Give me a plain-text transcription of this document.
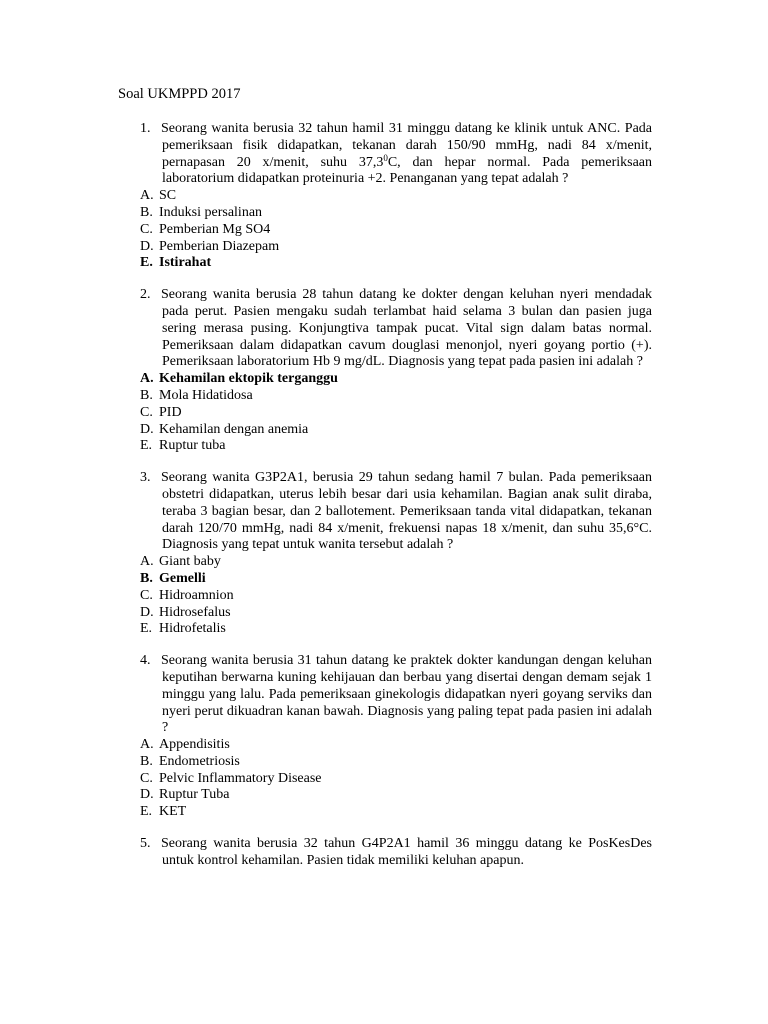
Soal UKMPPD 2017
1. Seorang wanita berusia 32 tahun hamil 31 minggu datang ke klinik untuk ANC. Pada pemeriksaan fisik didapatkan, tekanan darah 150/90 mmHg, nadi 84 x/menit, pernapasan 20 x/menit, suhu 37,3$^0$C, dan hepar normal. Pada pemeriksaan laboratorium didapatkan proteinuria +2. Penanganan yang tepat adalah ?
A. SC
B. Induksi persalinan
C. Pemberian Mg SO4
D. Pemberian Diazepam
E. Istirahat
2. Seorang wanita berusia 28 tahun datang ke dokter dengan keluhan nyeri mendadak pada perut. Pasien mengaku sudah terlambat haid selama 3 bulan dan pasien juga sering merasa pusing. Konjungtiva tampak pucat. Vital sign dalam batas normal. Pemeriksaan dalam didapatkan cavum douglasi menonjol, nyeri goyang portio (+). Pemeriksaan laboratorium Hb 9 mg/dL. Diagnosis yang tepat pada pasien ini adalah ?
A. Kehamilan ektopik terganggu
B. Mola Hidatidosa
C. PID
D. Kehamilan dengan anemia
E. Ruptur tuba
3. Seorang wanita G3P2A1, berusia 29 tahun sedang hamil 7 bulan. Pada pemeriksaan obstetri didapatkan, uterus lebih besar dari usia kehamilan. Bagian anak sulit diraba, teraba 3 bagian besar, dan 2 ballotement. Pemeriksaan tanda vital didapatkan, tekanan darah 120/70 mmHg, nadi 84 x/menit, frekuensi napas 18 x/menit, dan suhu 35,6°C. Diagnosis yang tepat untuk wanita tersebut adalah ?
A. Giant baby
B. Gemelli
C. Hidroamnion
D. Hidrosefalus
E. Hidrofetalis
4. Seorang wanita berusia 31 tahun datang ke praktek dokter kandungan dengan keluhan keputihan berwarna kuning kehijauan dan berbau yang disertai dengan demam sejak 1 minggu yang lalu. Pada pemeriksaan ginekologis didapatkan nyeri goyang serviks dan nyeri perut dikuadran kanan bawah. Diagnosis yang paling tepat pada pasien ini adalah ?
A. Appendisitis
B. Endometriosis
C. Pelvic Inflammatory Disease
D. Ruptur Tuba
E. KET
5. Seorang wanita berusia 32 tahun G4P2A1 hamil 36 minggu datang ke PosKesDes untuk kontrol kehamilan. Pasien tidak memiliki keluhan apapun.
